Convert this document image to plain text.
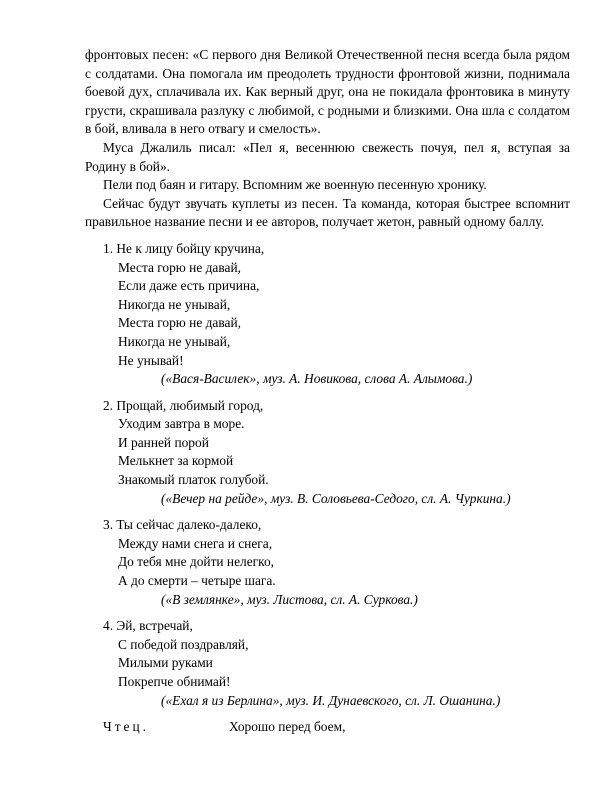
фронтовых песен: «С первого дня Великой Отечественной песня всегда была рядом с солдатами. Она помогала им преодолеть трудности фронтовой жизни, поднимала боевой дух, сплачивала их. Как верный друг, она не покидала фронтовика в минуту грусти, скрашивала разлуку с любимой, с родными и близкими. Она шла с солдатом в бой, вливала в него отвагу и смелость».

Муса Джалиль писал: «Пел я, весеннюю свежесть почуя, пел я, вступая за Родину в бой».

Пели под баян и гитару. Вспомним же военную песенную хронику.

Сейчас будут звучать куплеты из песен. Та команда, которая быстрее вспомнит правильное название песни и ее авторов, получает жетон, равный одному баллу.

1. Не к лицу бойцу кручина,
Места горю не давай,
Если даже есть причина,
Никогда не унывай,
Места горю не давай,
Никогда не унывай,
Не унывай!
(«Вася-Василек», муз. А. Новикова, слова А. Алымова.)
2. Прощай, любимый город,
Уходим завтра в море.
И ранней порой
Мелькнет за кормой
Знакомый платок голубой.
(«Вечер на рейде», муз. В. Соловьева-Седого, сл. А. Чуркина.)
3. Ты сейчас далеко-далеко,
Между нами снега и снега,
До тебя мне дойти нелегко,
А до смерти – четыре шага.
(«В землянке», муз. Листова, сл. А. Суркова.)
4. Эй, встречай,
С победой поздравляй,
Милыми руками
Покрепче обнимай!
(«Ехал я из Берлина», муз. И. Дунаевского, сл. Л. Ошанина.)
Чтец.	Хорошо перед боем,
